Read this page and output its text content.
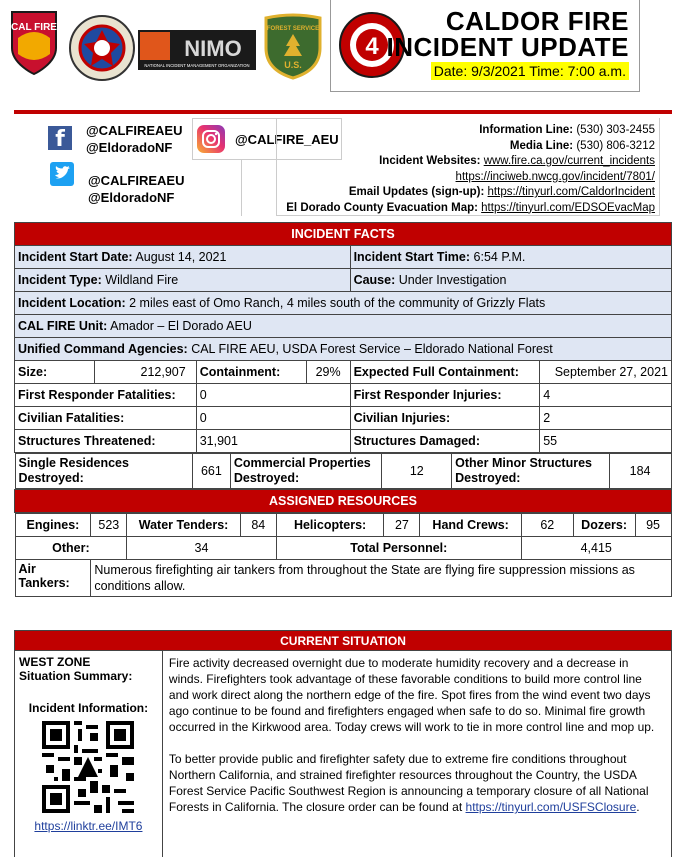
CAL FIRE
NIMO
NATIONAL INCIDENT MANAGEMENT ORGANIZATION
FOREST SERVICE
U.S.
4
CALDOR FIRE
INCIDENT UPDATE
Date: 9/3/2021 Time: 7:00 a.m.
f	@CALFIREAEU
@EldoradoNF
@CALFIREAEU
@EldoradoNF
@CALFIRE_AEU
Information Line: (530) 303-2455
Media Line: (530) 806-3212
Incident Websites: www.fire.ca.gov/current_incidents
https://inciweb.nwcg.gov/incident/7801/
Email Updates (sign-up): https://tinyurl.com/CaldorIncident
El Dorado County Evacuation Map: https://tinyurl.com/EDSOEvacMap
INCIDENT FACTS
Incident Start Date: August 14, 2021	Incident Start Time: 6:54 P.M.
Incident Type: Wildland Fire	Cause: Under Investigation
Incident Location: 2 miles east of Omo Ranch, 4 miles south of the community of Grizzly Flats
CAL FIRE Unit: Amador – El Dorado AEU
Unified Command Agencies: CAL FIRE AEU, USDA Forest Service – Eldorado National Forest
Size:	212,907	Containment:	29%	Expected Full Containment:	September 27, 2021
First Responder Fatalities:	0	First Responder Injuries:	4
Civilian Fatalities:	0	Civilian Injuries:	2
Structures Threatened:	31,901	Structures Damaged:	55

Single Residences
Destroyed:	661	
Commercial Properties
Destroyed:	12	
Other Minor Structures
Destroyed:	184

ASSIGNED RESOURCES

Engines:	523	Water Tenders:	84	Helicopters:	27	Hand Crews:	62	Dozers:	95
Other:	34	Total Personnel:	4,415
Air Tankers:	Numerous firefighting air tankers from throughout the State are flying fire suppression missions as conditions allow.
CURRENT SITUATION

WEST ZONE
Situation Summary:
Incident Information:
https://linktr.ee/IMT6

Fire activity decreased overnight due to moderate humidity recovery and a decrease in winds. Firefighters took advantage of these favorable conditions to build more control line and work direct along the northern edge of the fire. Spot fires from the wind event two days ago continue to be found and firefighters engaged when safe to do so. Minimal fire growth occurred in the Kirkwood area. Today crews will work to tie in more control line and mop up.

To better provide public and firefighter safety due to extreme fire conditions throughout Northern California, and strained firefighter resources throughout the Country, the USDA Forest Service Pacific Southwest Region is announcing a temporary closure of all National Forests in California. The closure order can be found at https://tinyurl.com/USFSClosure.
